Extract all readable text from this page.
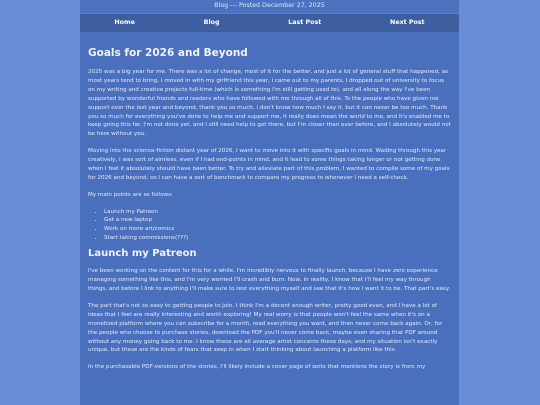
Blog --- Posted December 27, 2025
Home	Blog	Last Post	Next Post
Goals for 2026 and Beyond

2025 was a big year for me. There was a lot of change, most of it for the better, and just a lot of general stuff that happened, as most years tend to bring. I moved in with my girlfriend this year, I came out to my parents, I dropped out of university to focus on my writing and creative projects full-time (which is something I'm still getting used to), and all along the way I've been supported by wonderful friends and readers who have followed with me through all of this. To the people who have given me support over the last year and beyond, thank you so much. I don't know how much I say it, but it can never be too much. Thank you so much for everything you've done to help me and support me, it really does mean the world to me, and it's enabled me to keep going this far. I'm not done yet, and I still need help to get there, but I'm closer than ever before, and I absolutely would not be here without you.

Moving into the science-fiction distant year of 2026, I want to move into it with specific goals in mind. Wading through this year creatively, I was sort of aimless, even if I had end-points in mind, and it lead to some things taking longer or not getting done when I feel it absolutely should have been better. To try and alleviate part of this problem, I wanted to compile some of my goals for 2026 and beyond, so I can have a sort of benchmark to compare my progress to whenever I need a self-check.

My main points are as follows:

• Launch my Patreon
• Get a new laptop
• Work on more art/comics
• Start taking commissions(???)
Launch my Patreon

I've been working on the content for this for a while. I'm incredibly nervous to finally launch, because I have zero experience managing something like this, and I'm very worried I'll crash and burn. Now, in reality, I know that I'll feel my way through things, and before I link to anything I'll make sure to test everything myself and see that it's how I want it to be. That part's easy.

The part that's not so easy to getting people to join. I think I'm a decent enough writer, pretty good even, and I have a lot of ideas that I feel are really interesting and worth exploring! My real worry is that people won't feel the same when it's on a monetized platform where you can subscribe for a month, read everything you want, and then never come back again. Or, for the people who choose to purchase stories, download the PDF you'll never come back, maybe even sharing that PDF around without any money going back to me. I know these are all average artist concerns these days, and my situation isn't exactly unique, but these are the kinds of fears that seep in when I start thinking about launching a platform like this.

In the purchasable PDF-versions of the stories, I'll likely include a cover page of sorts that mentions the story is from my
